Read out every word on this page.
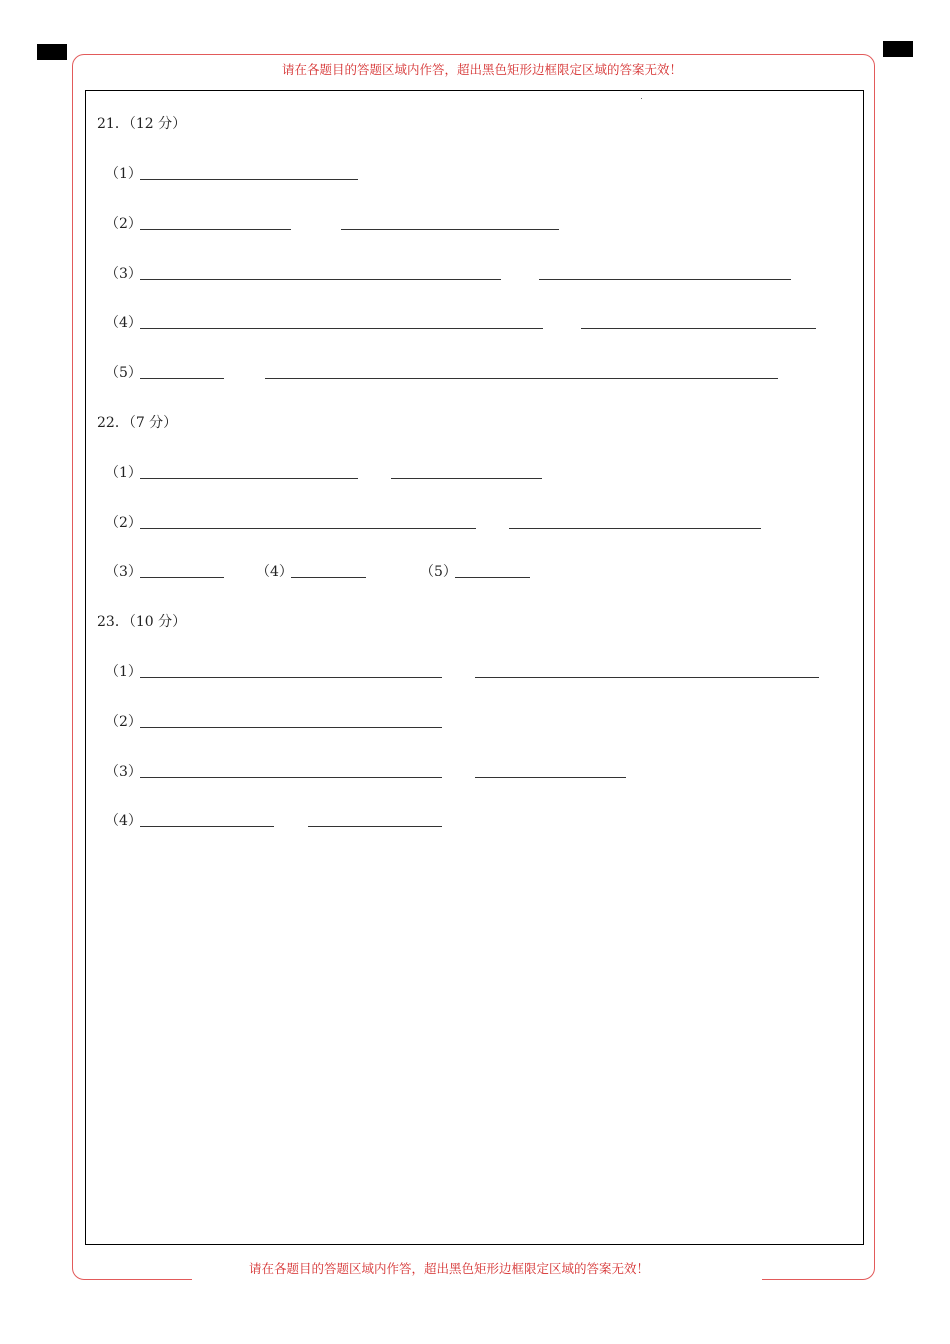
请在各题目的答题区域内作答，超出黑色矩形边框限定区域的答案无效！
请在各题目的答题区域内作答，超出黑色矩形边框限定区域的答案无效！
21．（12 分）
（1）
（2）
（3）
（4）
（5）
22．（7 分）
（1）
（2）
（3）	（4）	（5）
23．（10 分）
（1）
（2）
（3）
（4）
